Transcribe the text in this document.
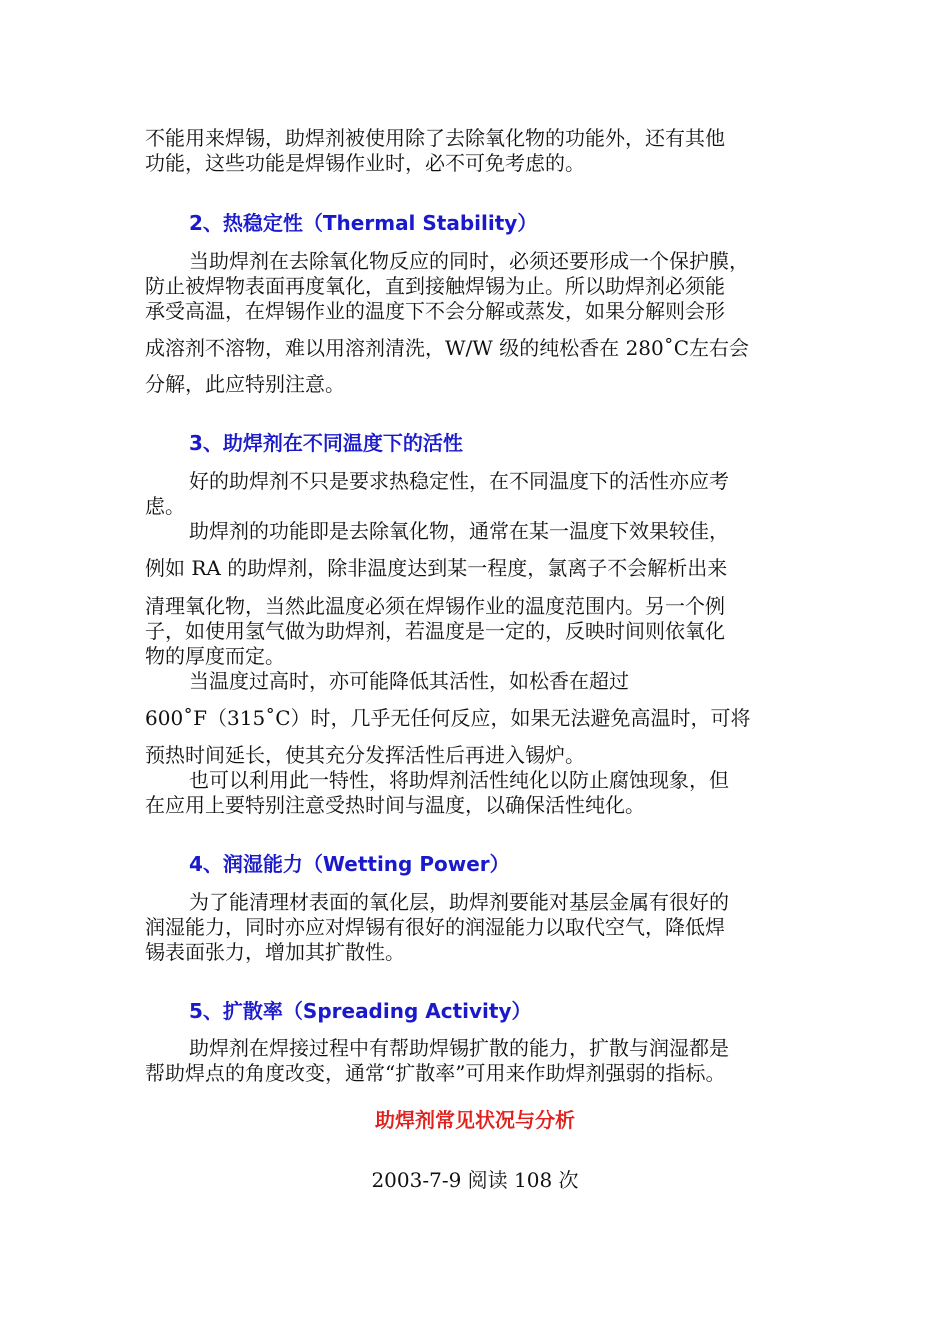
不能用来焊锡，助焊剂被使用除了去除氧化物的功能外，还有其他
功能，这些功能是焊锡作业时，必不可免考虑的。
2、热稳定性（Thermal Stability）
当助焊剂在去除氧化物反应的同时，必须还要形成一个保护膜，
防止被焊物表面再度氧化，直到接触焊锡为止。所以助焊剂必须能
承受高温，在焊锡作业的温度下不会分解或蒸发，如果分解则会形
成溶剂不溶物，难以用溶剂清洗，W/W 级的纯松香在 280˚C左右会
分解，此应特别注意。
3、助焊剂在不同温度下的活性
好的助焊剂不只是要求热稳定性，在不同温度下的活性亦应考
虑。
助焊剂的功能即是去除氧化物，通常在某一温度下效果较佳，
例如 RA 的助焊剂，除非温度达到某一程度，氯离子不会解析出来
清理氧化物，当然此温度必须在焊锡作业的温度范围内。另一个例
子，如使用氢气做为助焊剂，若温度是一定的，反映时间则依氧化
物的厚度而定。
当温度过高时，亦可能降低其活性，如松香在超过
600˚F（315˚C）时，几乎无任何反应，如果无法避免高温时，可将
预热时间延长，使其充分发挥活性后再进入锡炉。
也可以利用此一特性，将助焊剂活性纯化以防止腐蚀现象，但
在应用上要特别注意受热时间与温度，以确保活性纯化。
4、润湿能力（Wetting Power）
为了能清理材表面的氧化层，助焊剂要能对基层金属有很好的
润湿能力，同时亦应对焊锡有很好的润湿能力以取代空气，降低焊
锡表面张力，增加其扩散性。
5、扩散率（Spreading Activity）
助焊剂在焊接过程中有帮助焊锡扩散的能力，扩散与润湿都是
帮助焊点的角度改变，通常“扩散率”可用来作助焊剂强弱的指标。
助焊剂常见状况与分析
2003-7-9 阅读 108 次
